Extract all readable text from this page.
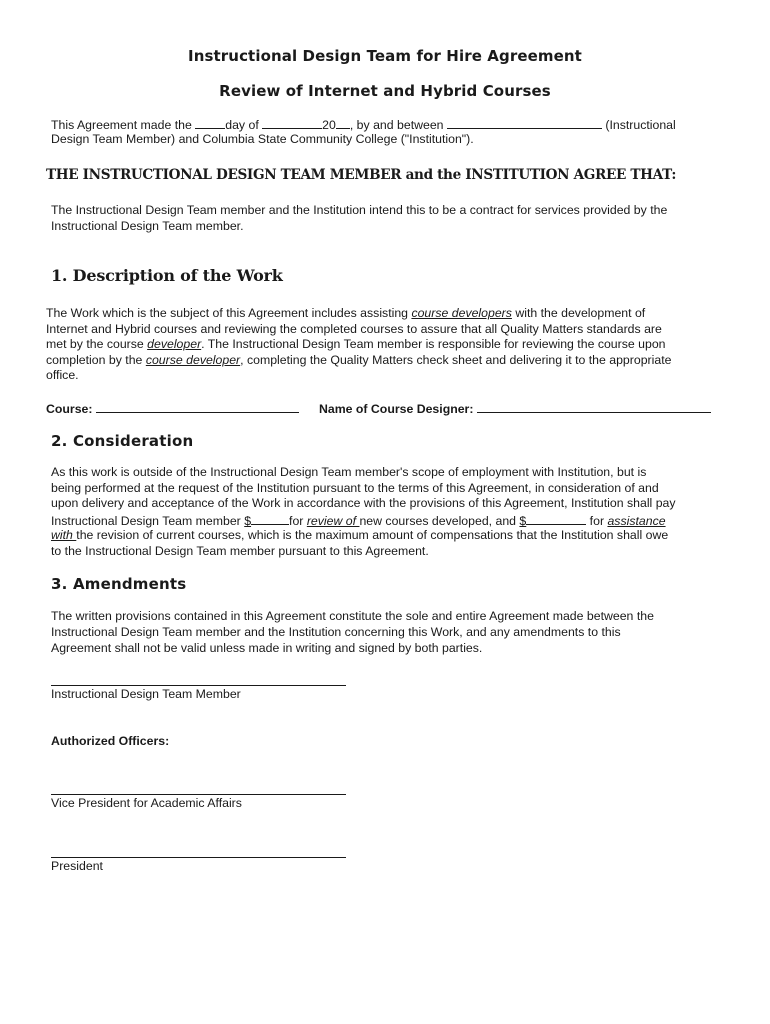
Instructional Design Team for Hire Agreement
Review of Internet and Hybrid Courses
This Agreement made the day of	20 , by and between	(Instructional
Design Team Member) and Columbia State Community College ("Institution").
THE INSTRUCTIONAL DESIGN TEAM MEMBER and the INSTITUTION AGREE THAT:
The Instructional Design Team member and the Institution intend this to be a contract for services provided by the
Instructional Design Team member.
1. Description of the Work
The Work which is the subject of this Agreement includes assisting course developers with the development of
Internet and Hybrid courses and reviewing the completed courses to assure that all Quality Matters standards are
met by the course developer. The Instructional Design Team member is responsible for reviewing the course upon
completion by the course developer, completing the Quality Matters check sheet and delivering it to the appropriate
office.
Course:	Name of Course Designer:
2. Consideration
As this work is outside of the Instructional Design Team member's scope of employment with Institution, but is
being performed at the request of the Institution pursuant to the terms of this Agreement, in consideration of and
upon delivery and acceptance of the Work in accordance with the provisions of this Agreement, Institution shall pay
Instructional Design Team member $	for review of new courses developed, and $	for assistance
with the revision of current courses, which is the maximum amount of compensations that the Institution shall owe
to the Instructional Design Team member pursuant to this Agreement.
3. Amendments
The written provisions contained in this Agreement constitute the sole and entire Agreement made between the
Instructional Design Team member and the Institution concerning this Work, and any amendments to this
Agreement shall not be valid unless made in writing and signed by both parties.
Instructional Design Team Member
Authorized Officers:
Vice President for Academic Affairs
President
